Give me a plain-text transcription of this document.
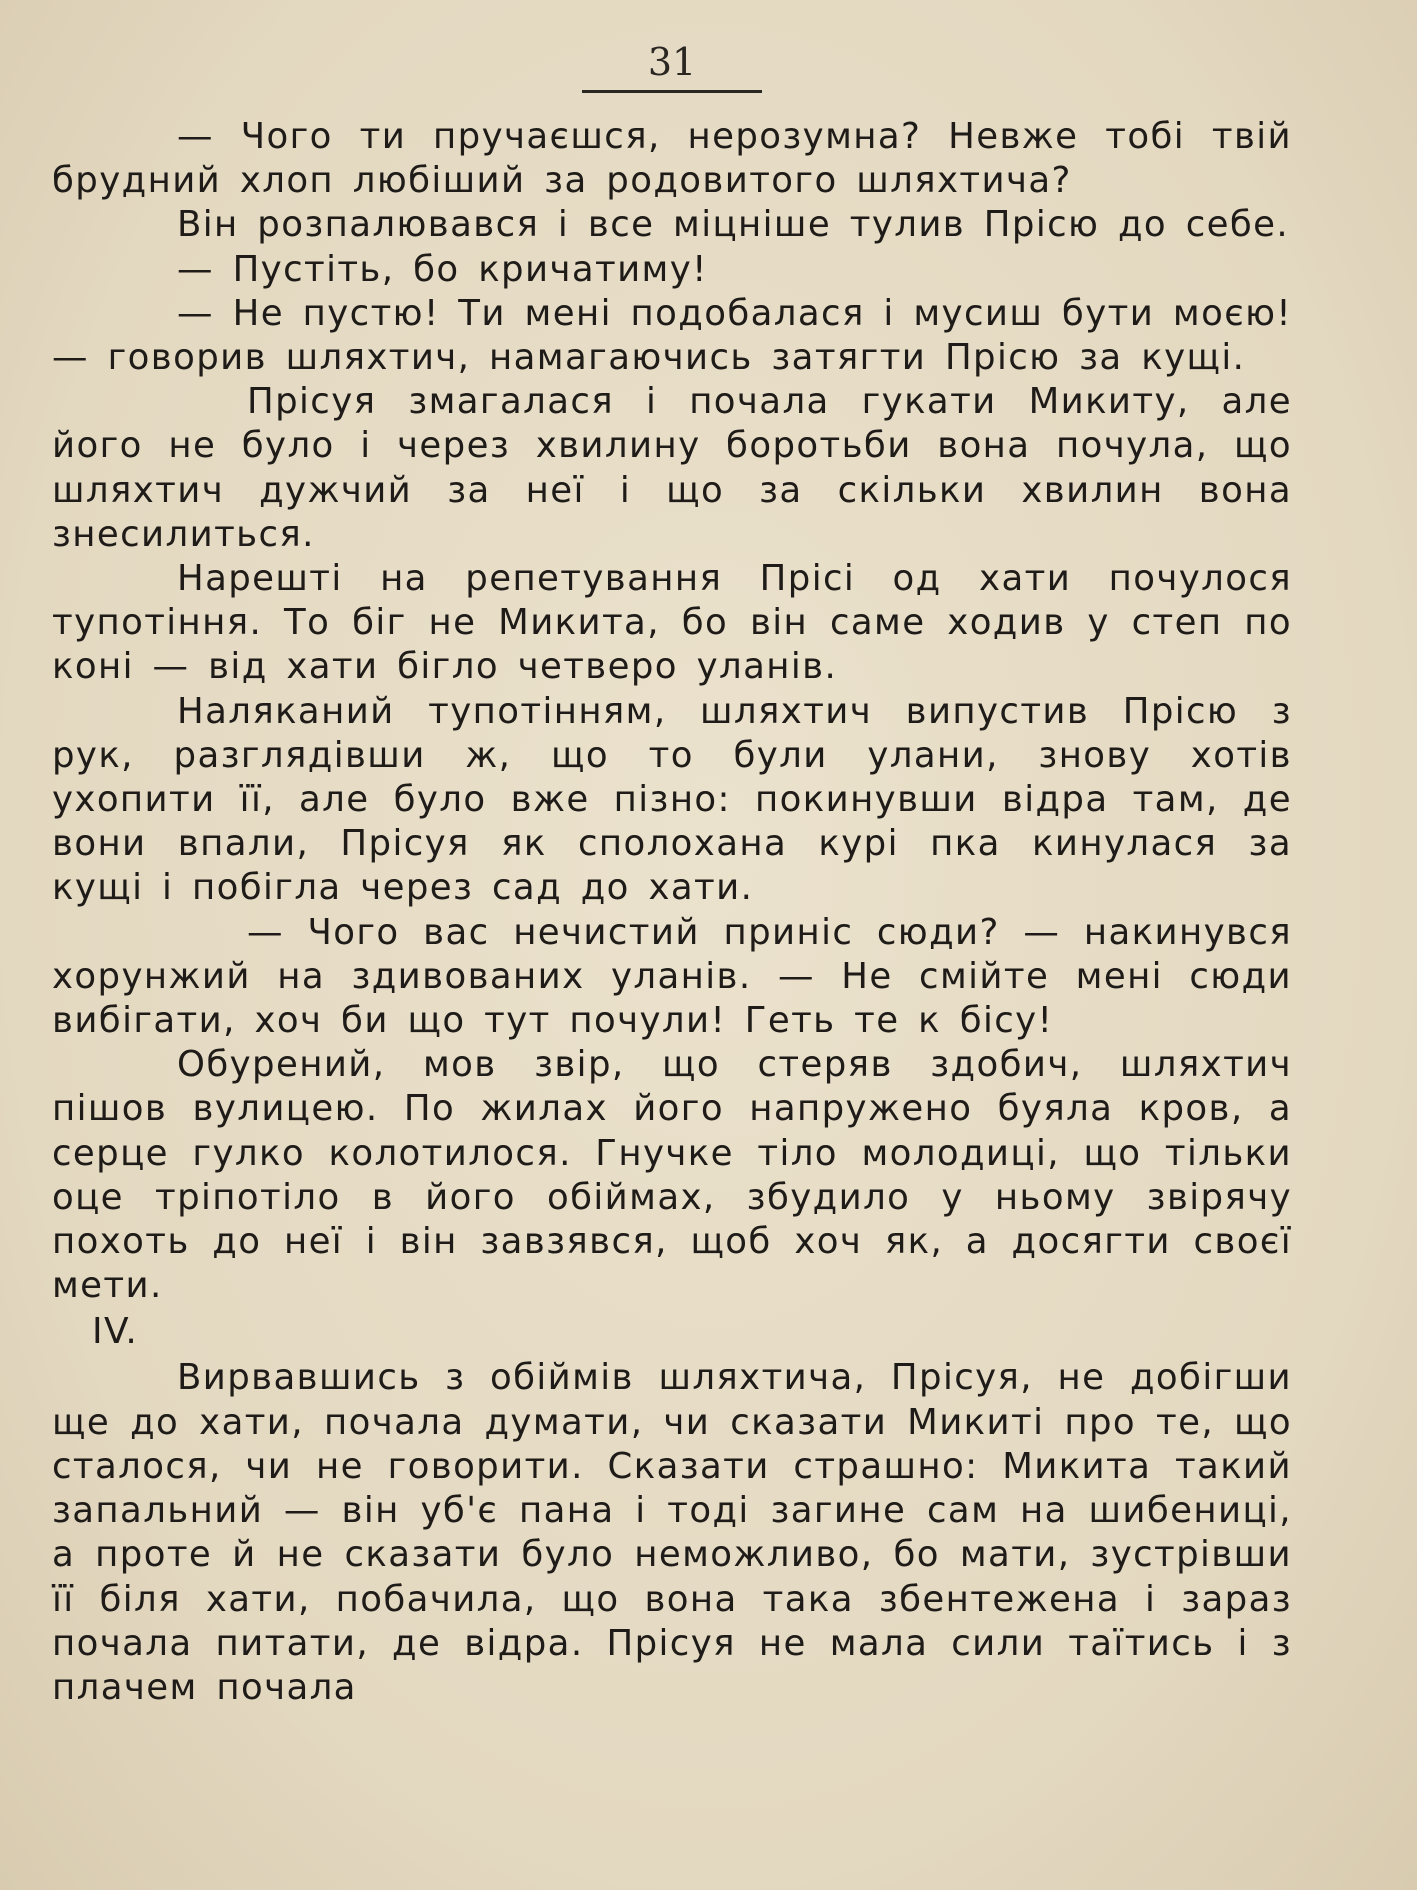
31

— Чого ти пручаєшся, нерозумна? Невже тобі твій брудний хлоп любіший за родовитого шляхтича?

Він розпалювався і все міцніше тулив Прісю до себе.

— Пустіть, бо кричатиму!

— Не пустю! Ти мені подобалася і мусиш бути моєю! — говорив шляхтич, намагаючись затягти Прісю за кущі.

Прісуя змагалася і почала гукати Микиту, але його не було і через хвилину боротьби вона почула, що шляхтич дужчий за неї і що за скільки хвилин вона знесилиться.

Нарешті на репетування Прісі од хати почулося тупотіння. То біг не Микита, бо він саме ходив у степ по коні — від хати бігло четверо уланів.

Наляканий тупотінням, шляхтич випустив Прісю з рук, разглядівши ж, що то були улани, знову хотів ухопити її, але було вже пізно: покинувши відра там, де вони впали, Прісуя як сполохана курі пка кинулася за кущі і побігла через сад до хати.

— Чого вас нечистий приніс сюди? — накинувся хорунжий на здивованих уланів. — Не смійте мені сюди вибігати, хоч би що тут почули! Геть те к бісу!

Обурений, мов звір, що стеряв здобич, шляхтич пішов вулицею. По жилах його напружено буяла кров, а серце гулко колотилося. Гнучке тіло молодиці, що тільки оце тріпотіло в його обіймах, збудило у ньому звірячу похоть до неї і він завзявся, щоб хоч як, а досягти своєї мети.

IV.

Вирвавшись з обіймів шляхтича, Прісуя, не добігши ще до хати, почала думати, чи сказати Микиті про те, що сталося, чи не говорити. Сказати страшно: Микита такий запальний — він уб'є пана і тоді загине сам на шибениці, а проте й не сказати було неможливо, бо мати, зустрівши її біля хати, побачила, що вона така збентежена і зараз почала питати, де відра. Прісуя не мала сили таїтись і з плачем почала
